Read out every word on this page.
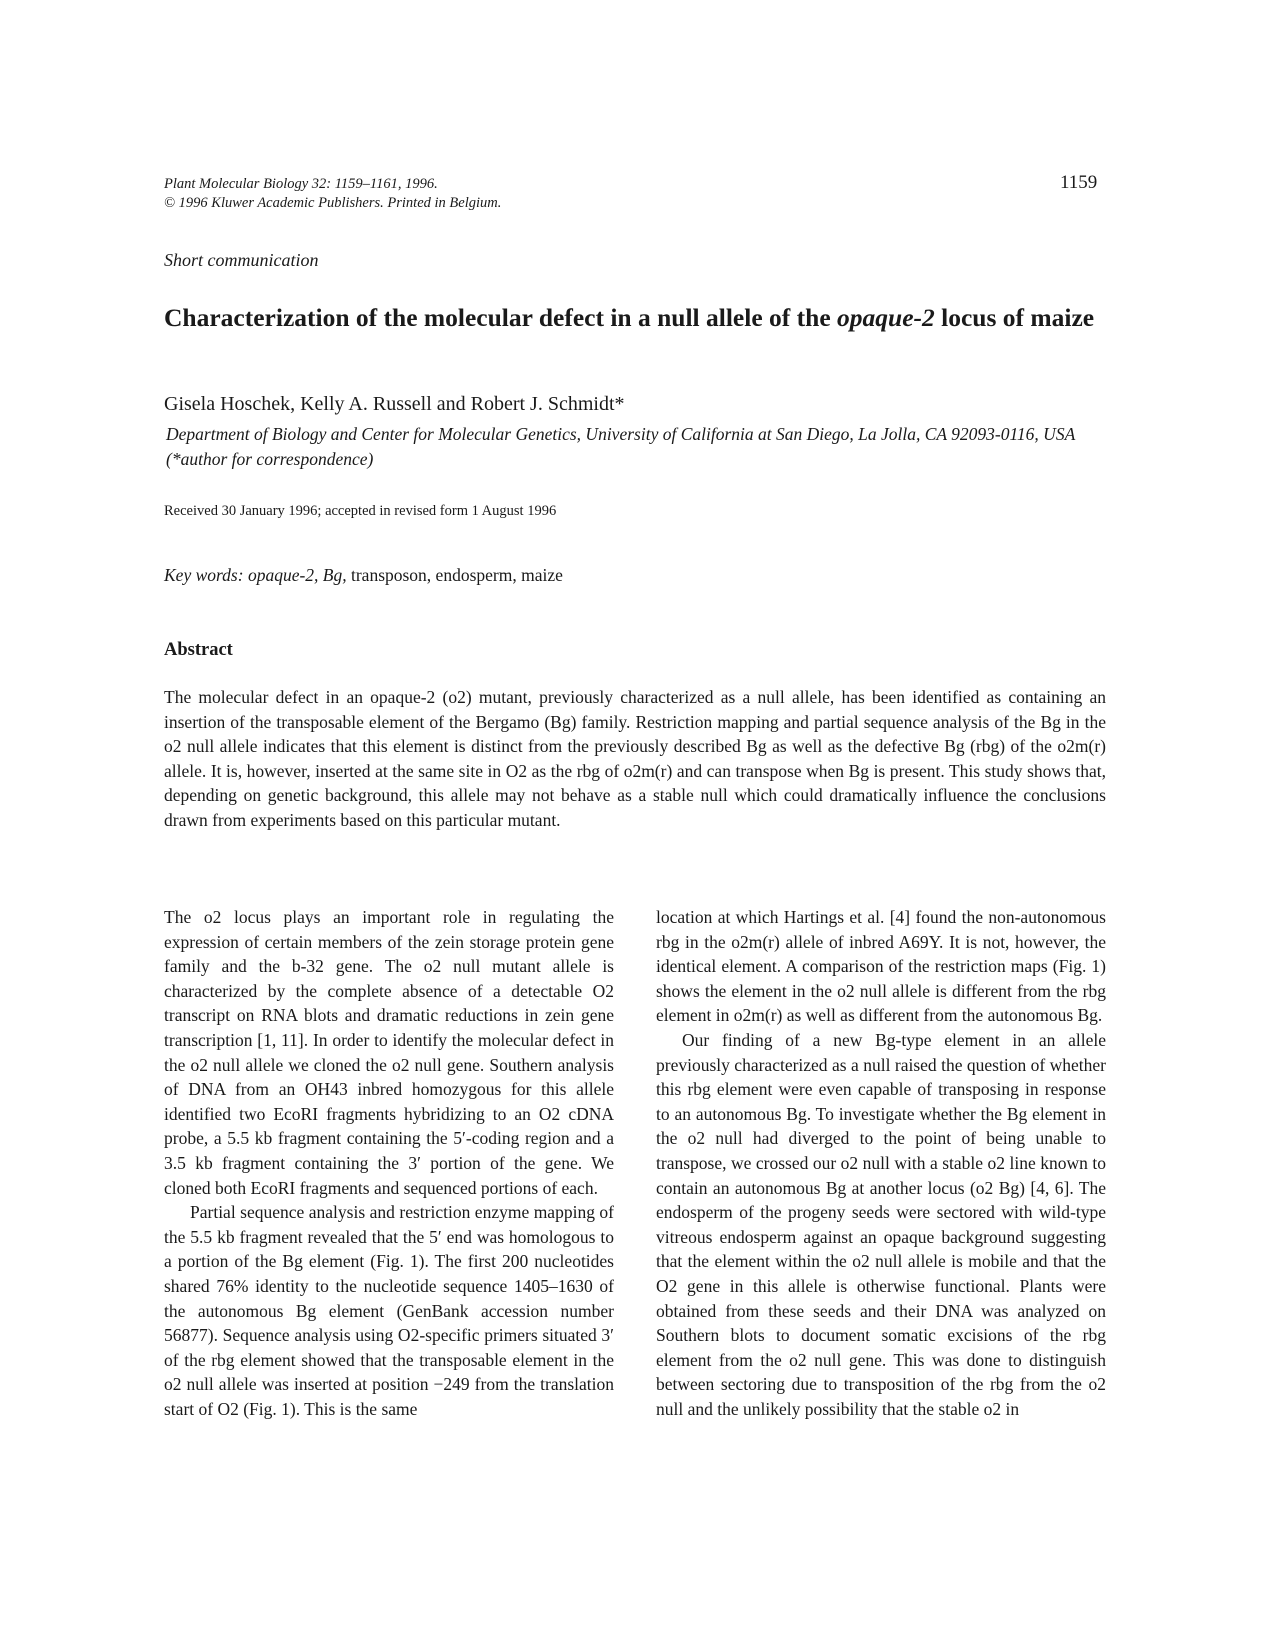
Plant Molecular Biology 32: 1159–1161, 1996.
© 1996 Kluwer Academic Publishers. Printed in Belgium.
1159
Short communication
Characterization of the molecular defect in a null allele of the opaque-2 locus of maize
Gisela Hoschek, Kelly A. Russell and Robert J. Schmidt*
Department of Biology and Center for Molecular Genetics, University of California at San Diego, La Jolla, CA 92093-0116, USA (*author for correspondence)
Received 30 January 1996; accepted in revised form 1 August 1996
Key words: opaque-2, Bg, transposon, endosperm, maize
Abstract
The molecular defect in an opaque-2 (o2) mutant, previously characterized as a null allele, has been identified as containing an insertion of the transposable element of the Bergamo (Bg) family. Restriction mapping and partial sequence analysis of the Bg in the o2 null allele indicates that this element is distinct from the previously described Bg as well as the defective Bg (rbg) of the o2m(r) allele. It is, however, inserted at the same site in O2 as the rbg of o2m(r) and can transpose when Bg is present. This study shows that, depending on genetic background, this allele may not behave as a stable null which could dramatically influence the conclusions drawn from experiments based on this particular mutant.

The o2 locus plays an important role in regulating the expression of certain members of the zein storage protein gene family and the b-32 gene. The o2 null mutant allele is characterized by the complete absence of a detectable O2 transcript on RNA blots and dramatic reductions in zein gene transcription [1, 11]. In order to identify the molecular defect in the o2 null allele we cloned the o2 null gene. Southern analysis of DNA from an OH43 inbred homozygous for this allele identified two EcoRI fragments hybridizing to an O2 cDNA probe, a 5.5 kb fragment containing the 5′-coding region and a 3.5 kb fragment containing the 3′ portion of the gene. We cloned both EcoRI fragments and sequenced portions of each.

Partial sequence analysis and restriction enzyme mapping of the 5.5 kb fragment revealed that the 5′ end was homologous to a portion of the Bg element (Fig. 1). The first 200 nucleotides shared 76% identity to the nucleotide sequence 1405–1630 of the autonomous Bg element (GenBank accession number 56877). Sequence analysis using O2-specific primers situated 3′ of the rbg element showed that the transposable element in the o2 null allele was inserted at position −249 from the translation start of O2 (Fig. 1). This is the same

location at which Hartings et al. [4] found the non-autonomous rbg in the o2m(r) allele of inbred A69Y. It is not, however, the identical element. A comparison of the restriction maps (Fig. 1) shows the element in the o2 null allele is different from the rbg element in o2m(r) as well as different from the autonomous Bg.

Our finding of a new Bg-type element in an allele previously characterized as a null raised the question of whether this rbg element were even capable of transposing in response to an autonomous Bg. To investigate whether the Bg element in the o2 null had diverged to the point of being unable to transpose, we crossed our o2 null with a stable o2 line known to contain an autonomous Bg at another locus (o2 Bg) [4, 6]. The endosperm of the progeny seeds were sectored with wild-type vitreous endosperm against an opaque background suggesting that the element within the o2 null allele is mobile and that the O2 gene in this allele is otherwise functional. Plants were obtained from these seeds and their DNA was analyzed on Southern blots to document somatic excisions of the rbg element from the o2 null gene. This was done to distinguish between sectoring due to transposition of the rbg from the o2 null and the unlikely possibility that the stable o2 in
